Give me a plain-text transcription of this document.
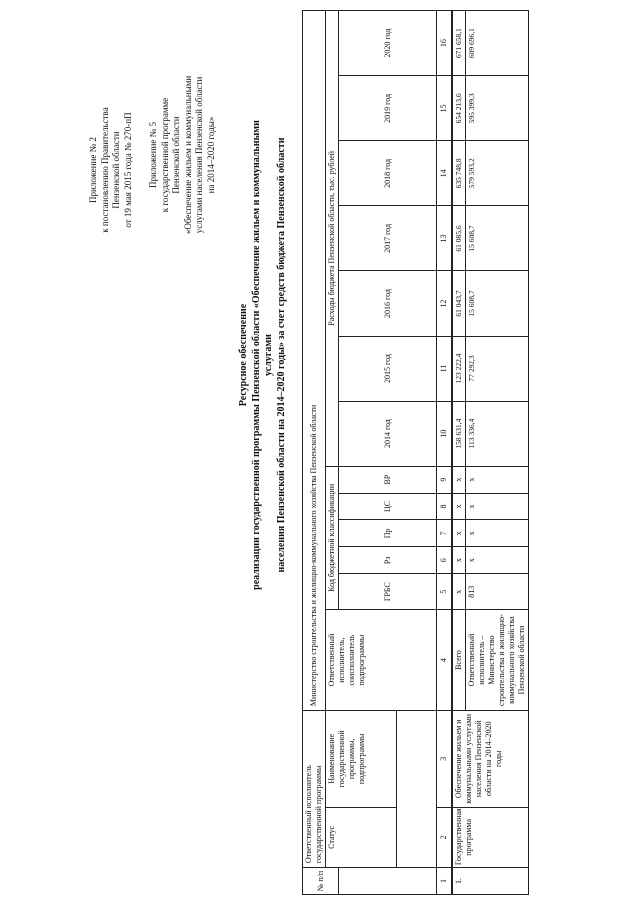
Приложение № 2 к постановлению Правительства Пензенской области от 19 мая 2015 года № 270-пП Приложение № 5 к государственной программе Пензенской области «Обеспечение жильем и коммунальными услугами населения Пензенской области на 2014–2020 годы»
Ресурсное обеспечение реализации государственной программы Пензенской области «Обеспечение жильем и коммунальными услугами населения Пензенской области на 2014–2020 годы» за счет средств бюджета Пензенской области
№ п/п	Ответственный исполнитель государственной программы		Министерство строительства и жилищно-коммунального хозяйства Пензенской области												
	Статус	Наименование государственной программы, подпрограммы	Ответственный исполнитель, соисполнитель подпрограммы	Код бюджетной классификации					Расходы бюджета Пензенской области, тыс. рублей						
				ГРБС	Рз	Пр	ЦС	ВР	2014 год	2015 год	2016 год	2017 год	2018 год	2019 год	2020 год

1	2	3	4	5	6	7	8	9	10	11	12	13	14	15	16
1.	Государственная программа	Обеспечение жильем и коммунальными услугами населения Пензенской области на 2014–2020 годы	Всего	x	x	x	x	x	158 631,4	123 222,4	61 043,7	61 085,6	635 748,8	654 213,6	671 658,1
			Ответственный исполнитель – Министерство строительства и жилищно-коммунального хозяйства Пензенской области	813	x	x	x	x	113 336,4	77 292,3	15 608,7	15 608,7	579 593,2	595 399,3	609 696,1
